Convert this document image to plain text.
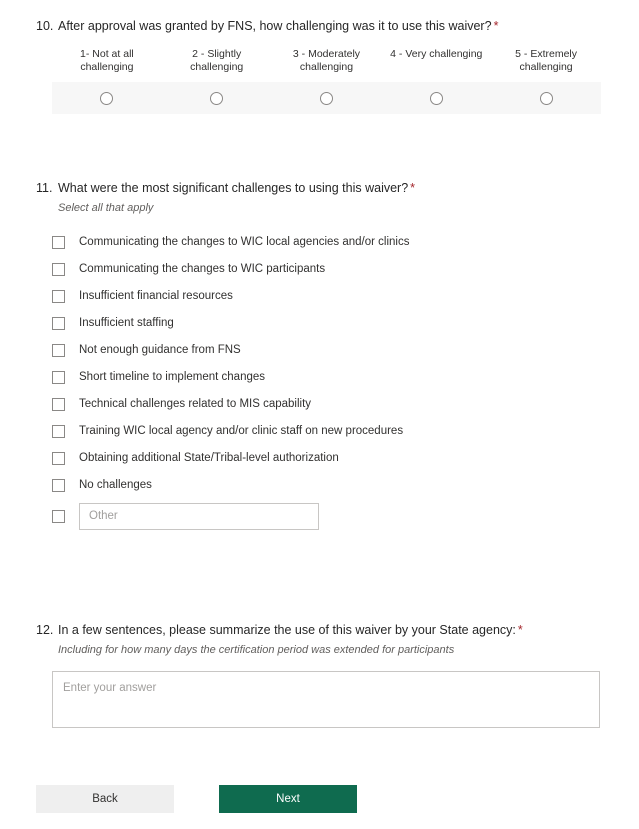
10. After approval was granted by FNS, how challenging was it to use this waiver? *
1- Not at all challenging
2 - Slightly challenging
3 - Moderately challenging
4 - Very challenging	5 - Extremely challenging
11. What were the most significant challenges to using this waiver? *
Select all that apply
Communicating the changes to WIC local agencies and/or clinics
Communicating the changes to WIC participants
Insufficient financial resources
Insufficient staffing
Not enough guidance from FNS
Short timeline to implement changes
Technical challenges related to MIS capability
Training WIC local agency and/or clinic staff on new procedures
Obtaining additional State/Tribal-level authorization
No challenges
Other
12. In a few sentences, please summarize the use of this waiver by your State agency: *
Including for how many days the certification period was extended for participants
Enter your answer
Back	Next
